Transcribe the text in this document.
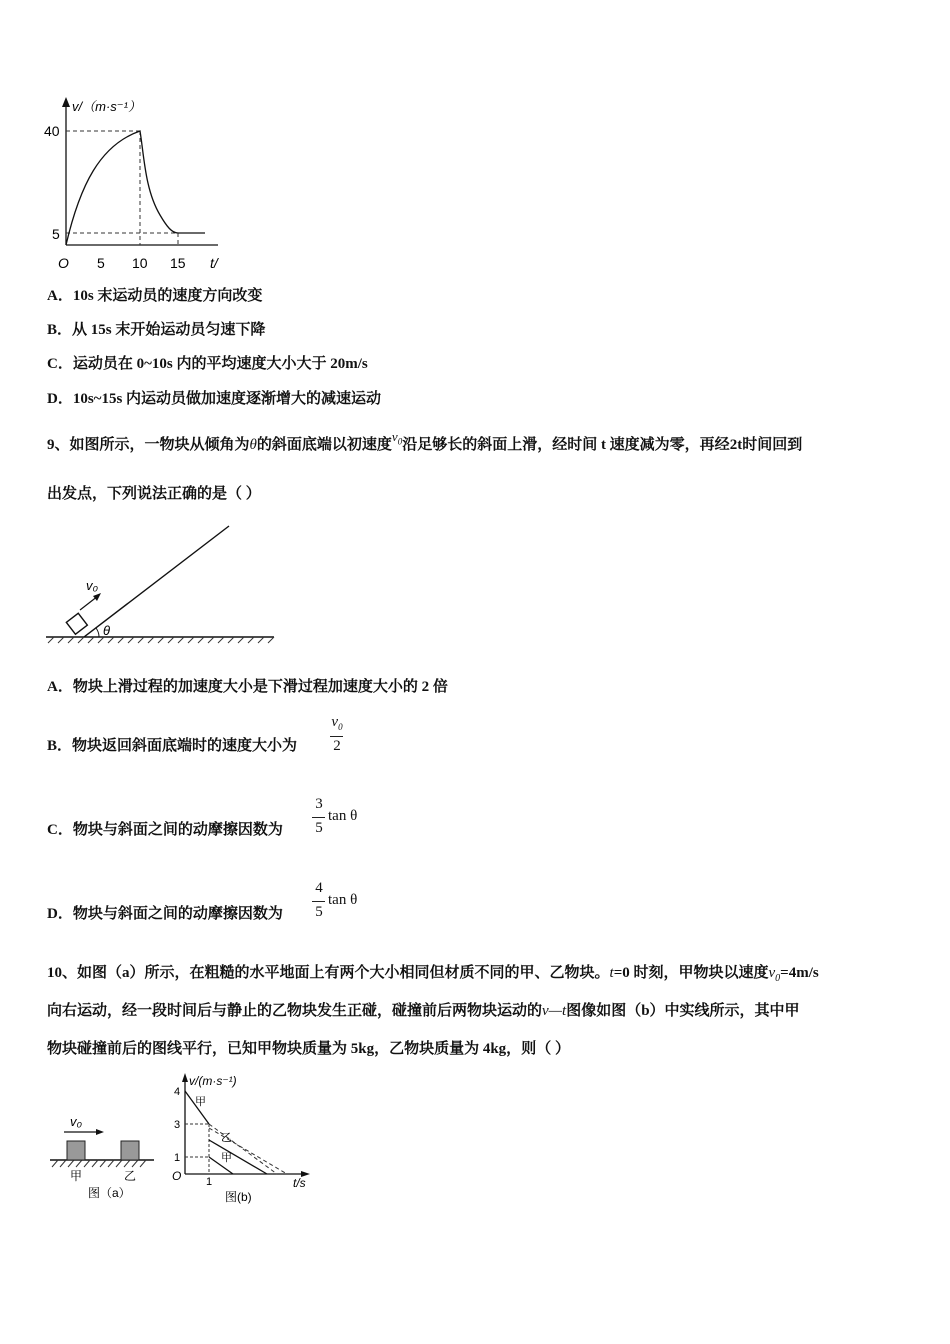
v/（m·s⁻¹）
40
5
O 5 10 15 t/
A．10s 末运动员的速度方向改变
B．从 15s 末开始运动员匀速下降
C．运动员在 0~10s 内的平均速度大小大于 20m/s
D．10s~15s 内运动员做加速度逐渐增大的减速运动
9、如图所示，一物块从倾角为θ的斜面底端以初速度$v_0$沿足够长的斜面上滑，经时间 t 速度减为零，再经2t时间回到
出发点，下列说法正确的是（ ）
θ
v₀
A．物块上滑过程的加速度大小是下滑过程加速度大小的 2 倍
B．物块返回斜面底端时的速度大小为
$v_0$
2
C．物块与斜面之间的动摩擦因数为
3
5
tan θ
D．物块与斜面之间的动摩擦因数为
4
5
tan θ
10、如图（a）所示，在粗糙的水平地面上有两个大小相同但材质不同的甲、乙物块。t=0 时刻，甲物块以速度$v_0=4m/s$
向右运动，经一段时间后与静止的乙物块发生正碰，碰撞前后两物块运动的v—t图像如图（b）中实线所示，其中甲
物块碰撞前后的图线平行，已知甲物块质量为 5kg，乙物块质量为 4kg，则（ ）
v₀
甲	乙
图（a）
v/(m·s⁻¹)
4
3
1
O 1	t/s
甲
乙
甲
图(b)
